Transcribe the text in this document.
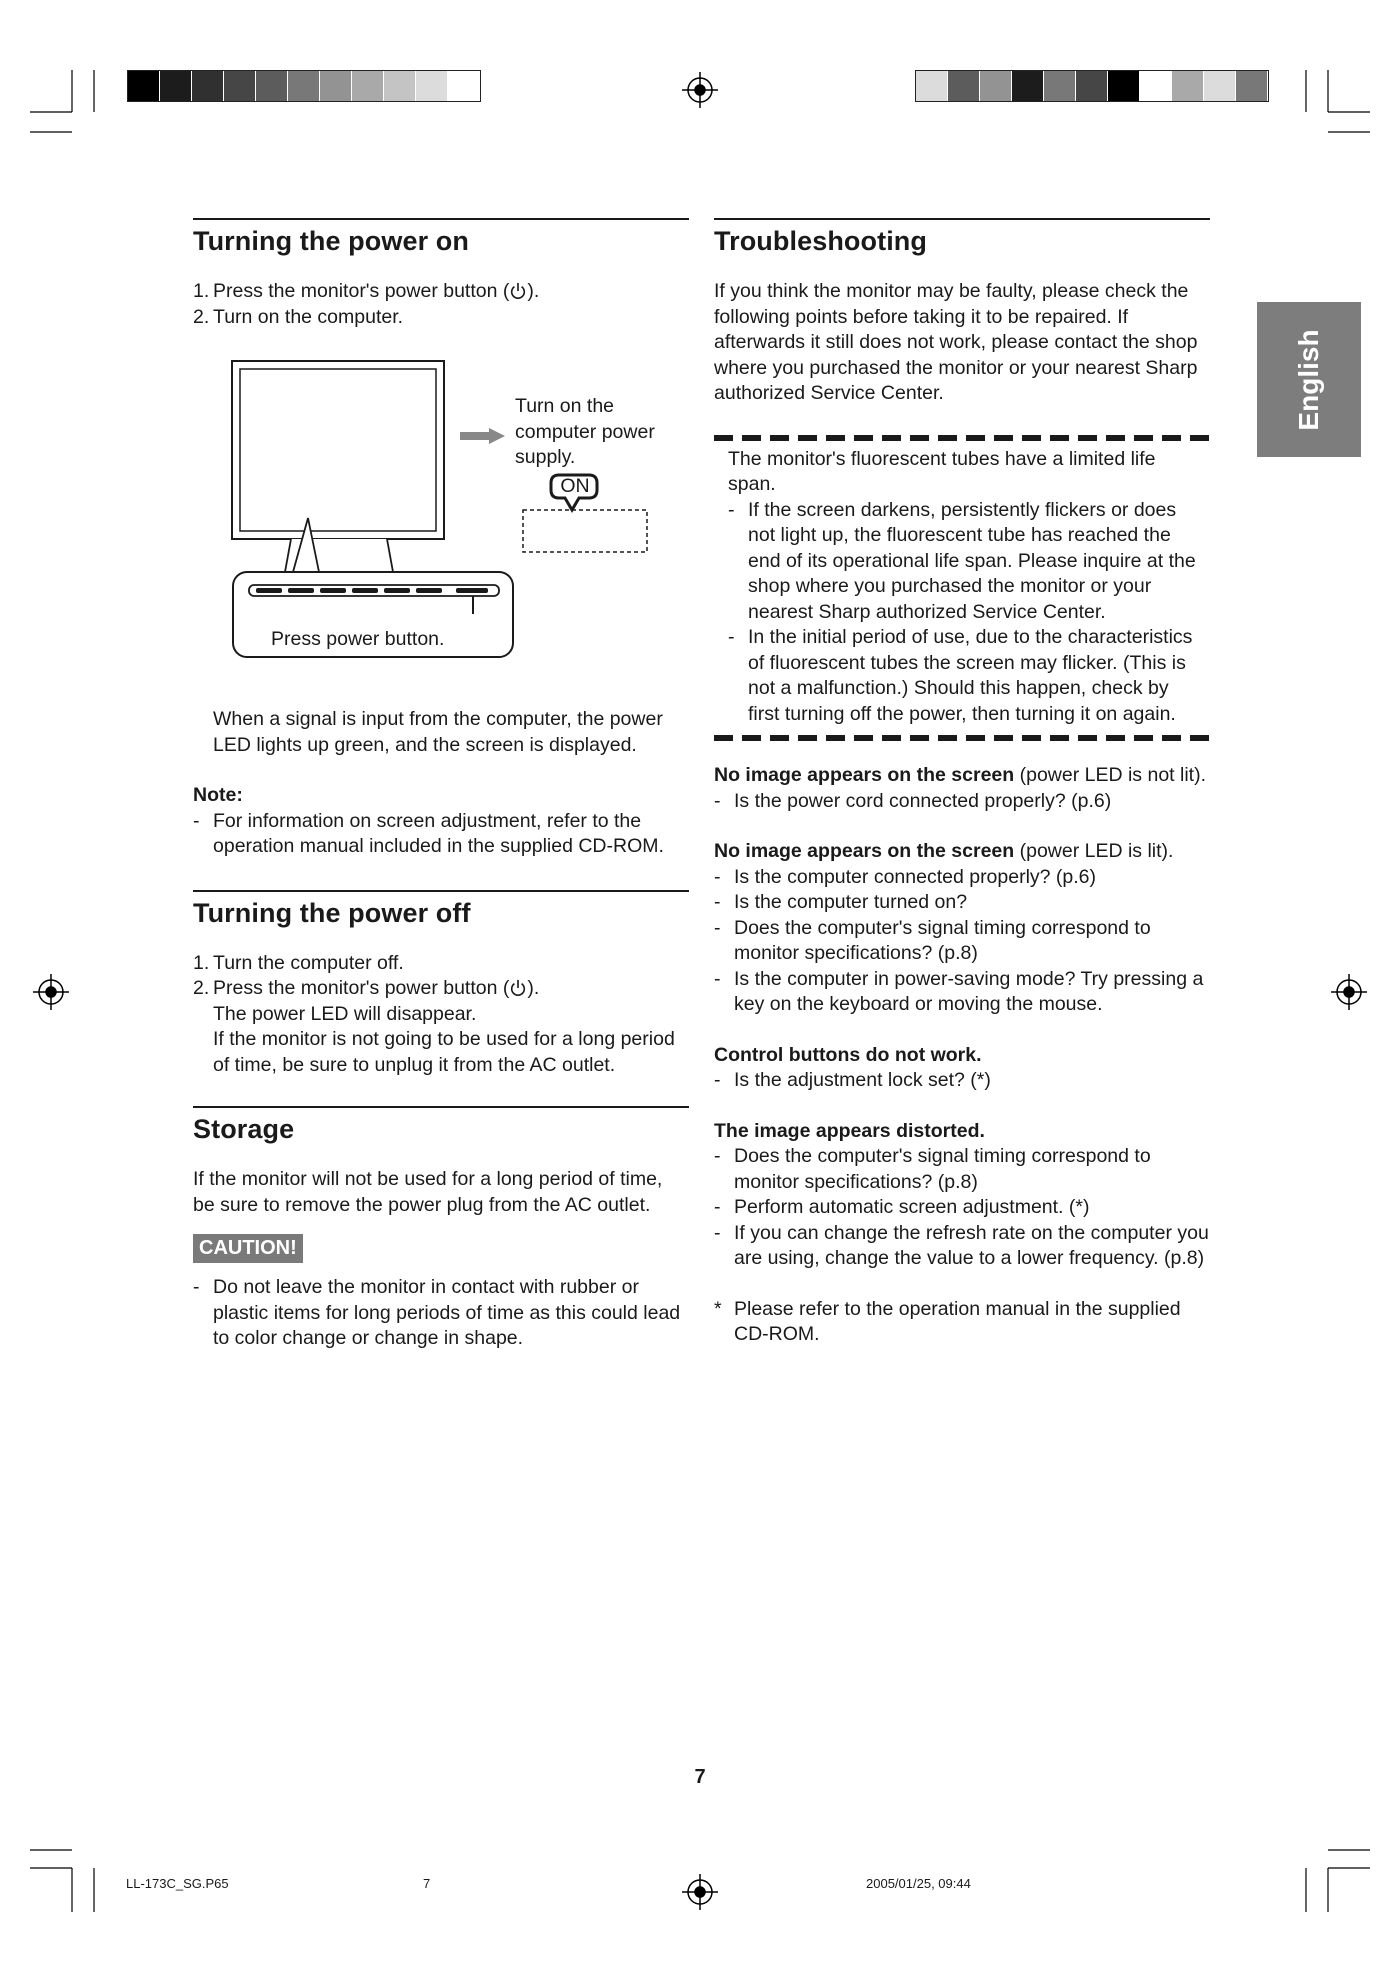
English
Turning the power on
1. Press the monitor's power button ( ).
2. Turn on the computer.
Turn on the computer power supply.
ON
Press power button.

When a signal is input from the computer, the power LED lights up green, and the screen is displayed.

Note:

- For information on screen adjustment, refer to the operation manual included in the supplied CD-ROM.
Turning the power off
1. Turn the computer off.
2. Press the monitor's power button ( ).

The power LED will disappear.

If the monitor is not going to be used for a long period of time, be sure to unplug it from the AC outlet.

Storage

If the monitor will not be used for a long period of time, be sure to remove the power plug from the AC outlet.

CAUTION!
- Do not leave the monitor in contact with rubber or plastic items for long periods of time as this could lead to color change or change in shape.
Troubleshooting

If you think the monitor may be faulty, please check the following points before taking it to be repaired. If afterwards it still does not work, please contact the shop where you purchased the monitor or your nearest Sharp authorized Service Center.

The monitor's fluorescent tubes have a limited life span.

- If the screen darkens, persistently flickers or does not light up, the fluorescent tube has reached the end of its operational life span. Please inquire at the shop where you purchased the monitor or your nearest Sharp authorized Service Center.
- In the initial period of use, due to the characteristics of fluorescent tubes the screen may flicker. (This is not a malfunction.) Should this happen, check by first turning off the power, then turning it on again.

No image appears on the screen (power LED is not lit).

- Is the power cord connected properly? (p.6)

No image appears on the screen (power LED is lit).

- Is the computer connected properly? (p.6)
- Is the computer turned on?
- Does the computer's signal timing correspond to monitor specifications? (p.8)
- Is the computer in power-saving mode? Try pressing a key on the keyboard or moving the mouse.

Control buttons do not work.

- Is the adjustment lock set? (*)

The image appears distorted.

- Does the computer's signal timing correspond to monitor specifications? (p.8)
- Perform automatic screen adjustment. (*)
- If you can change the refresh rate on the computer you are using, change the value to a lower frequency. (p.8)
* Please refer to the operation manual in the supplied CD-ROM.

7
LL-173C_SG.P65	7	2005/01/25, 09:44
